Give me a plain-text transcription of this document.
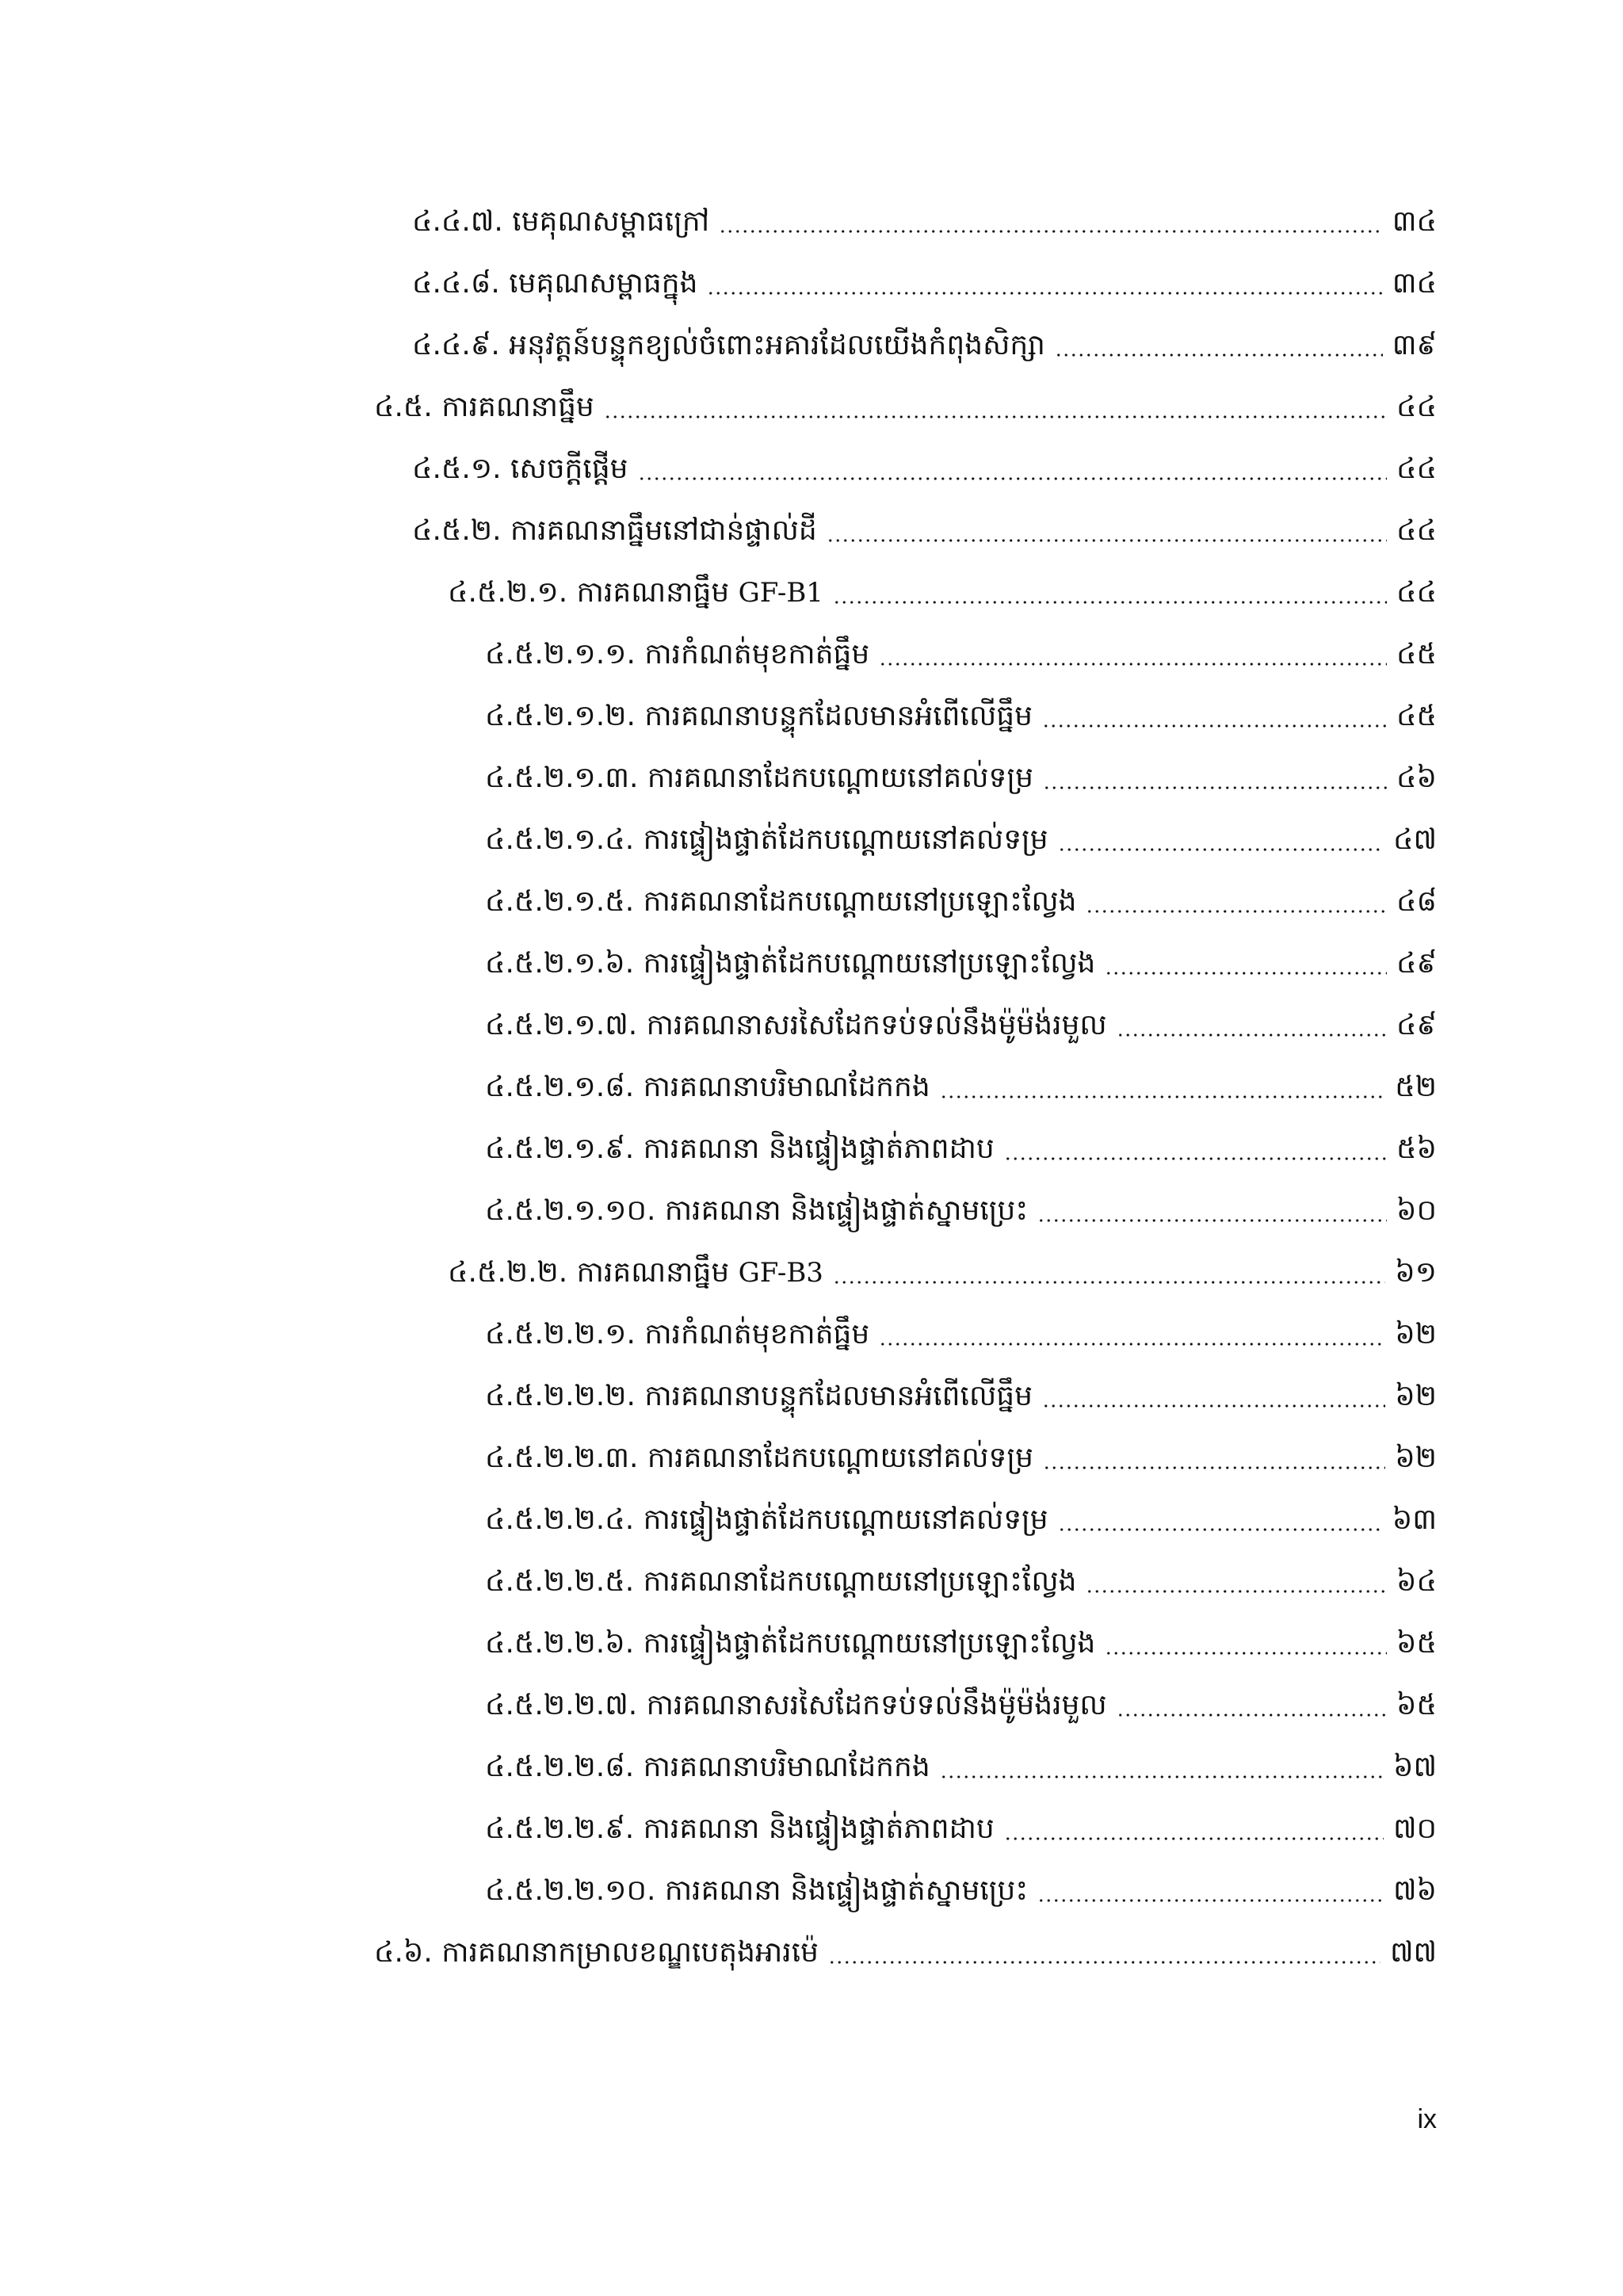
៤.៤.៧. មេគុណសម្ពាធក្រៅ	៣៤
៤.៤.៨. មេគុណសម្ពាធក្នុង	៣៤
៤.៤.៩. អនុវត្តន៍បន្ទុកខ្យល់ចំពោះអគារដែលយើងកំពុងសិក្សា	៣៩
៤.៥. ការគណនាធ្នឹម	៤៤
៤.៥.១. សេចក្តីផ្តើម	៤៤
៤.៥.២. ការគណនាធ្នឹមនៅជាន់ផ្ទាល់ដី	៤៤
៤.៥.២.១. ការគណនាធ្នឹម GF-B1	៤៤
៤.៥.២.១.១. ការកំណត់មុខកាត់ធ្នឹម	៤៥
៤.៥.២.១.២. ការគណនាបន្ទុកដែលមានអំពើលើធ្នឹម	៤៥
៤.៥.២.១.៣. ការគណនាដែកបណ្តោយនៅគល់ទម្រ	៤៦
៤.៥.២.១.៤. ការផ្ទៀងផ្ទាត់ដែកបណ្តោយនៅគល់ទម្រ	៤៧
៤.៥.២.១.៥. ការគណនាដែកបណ្តោយនៅប្រឡោះល្វែង	៤៨
៤.៥.២.១.៦. ការផ្ទៀងផ្ទាត់ដែកបណ្តោយនៅប្រឡោះល្វែង	៤៩
៤.៥.២.១.៧. ការគណនាសរសៃដែកទប់ទល់នឹងម៉ូម៉ង់រមួល	៤៩
៤.៥.២.១.៨. ការគណនាបរិមាណដែកកង	៥២
៤.៥.២.១.៩. ការគណនា និងផ្ទៀងផ្ទាត់ភាពដាប	៥៦
៤.៥.២.១.១០. ការគណនា និងផ្ទៀងផ្ទាត់ស្នាមប្រេះ	៦០
៤.៥.២.២. ការគណនាធ្នឹម GF-B3	៦១
៤.៥.២.២.១. ការកំណត់មុខកាត់ធ្នឹម	៦២
៤.៥.២.២.២. ការគណនាបន្ទុកដែលមានអំពើលើធ្នឹម	៦២
៤.៥.២.២.៣. ការគណនាដែកបណ្តោយនៅគល់ទម្រ	៦២
៤.៥.២.២.៤. ការផ្ទៀងផ្ទាត់ដែកបណ្តោយនៅគល់ទម្រ	៦៣
៤.៥.២.២.៥. ការគណនាដែកបណ្តោយនៅប្រឡោះល្វែង	៦៤
៤.៥.២.២.៦. ការផ្ទៀងផ្ទាត់ដែកបណ្តោយនៅប្រឡោះល្វែង	៦៥
៤.៥.២.២.៧. ការគណនាសរសៃដែកទប់ទល់នឹងម៉ូម៉ង់រមួល	៦៥
៤.៥.២.២.៨. ការគណនាបរិមាណដែកកង	៦៧
៤.៥.២.២.៩. ការគណនា និងផ្ទៀងផ្ទាត់ភាពដាប	៧០
៤.៥.២.២.១០. ការគណនា និងផ្ទៀងផ្ទាត់ស្នាមប្រេះ	៧៦
៤.៦. ការគណនាកម្រាលខណ្ឌបេតុងអារម៉េ	៧៧
ix
